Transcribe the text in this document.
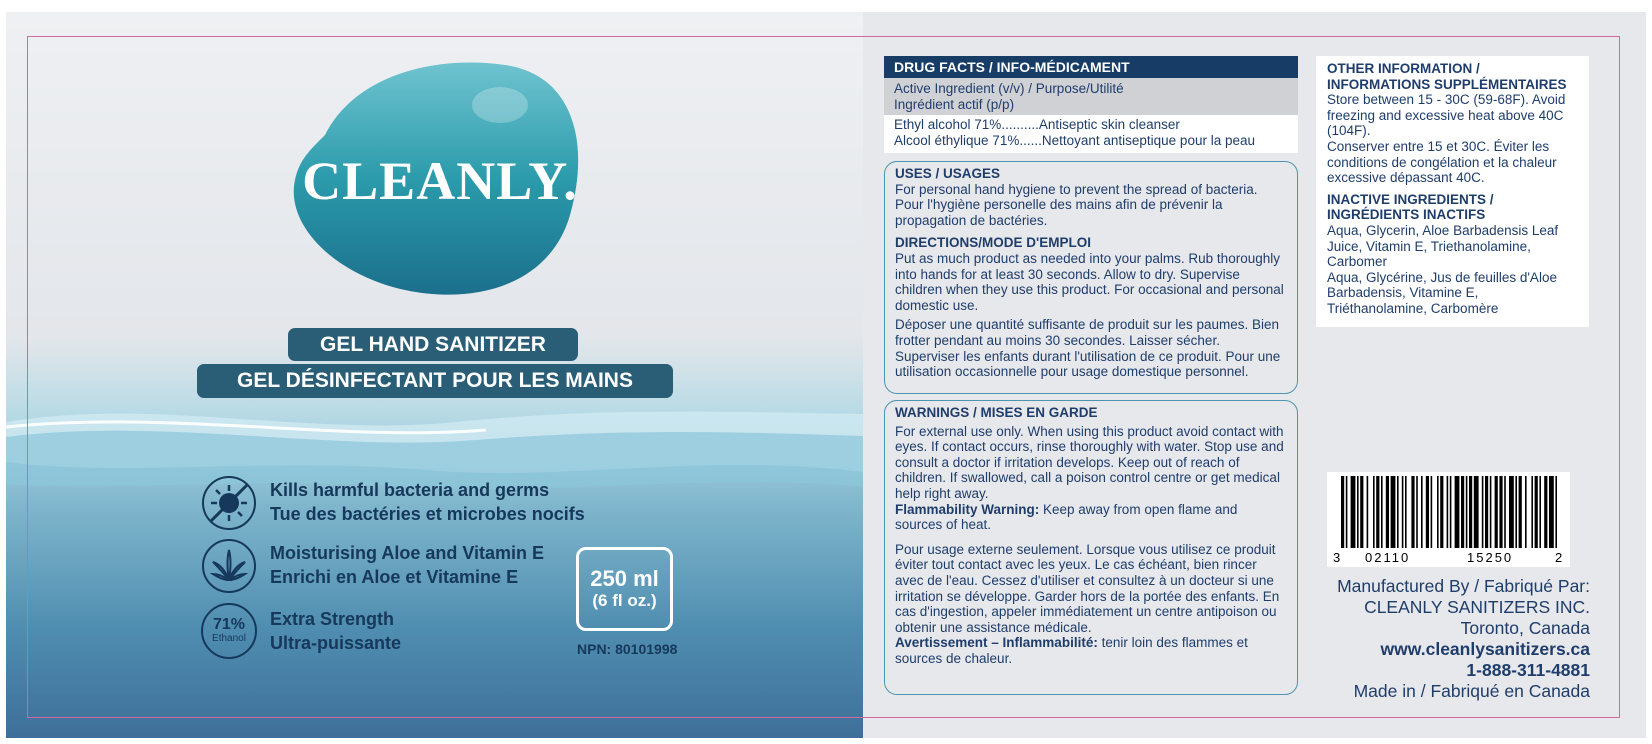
CLEANLY.
GEL HAND SANITIZER
GEL DÉSINFECTANT POUR LES MAINS
Kills harmful bacteria and germs
Tue des bactéries et microbes nocifs
Moisturising Aloe and Vitamin E
Enrichi en Aloe et Vitamine E
71%
Ethanol
Extra Strength
Ultra-puissante
250 ml
(6 fl oz.)
NPN: 80101998
DRUG FACTS / INFO-MÉDICAMENT
Active Ingredient (v/v) / Purpose/Utilité
Ingrédient actif (p/p)
Ethyl alcohol 71%..........Antiseptic skin cleanser
Alcool éthylique 71%......Nettoyant antiseptique pour la peau
USES / USAGES

For personal hand hygiene to prevent the spread of bacteria.

Pour l'hygiène personelle des mains afin de prévenir la propagation de bactéries.

DIRECTIONS/MODE D'EMPLOI

Put as much product as needed into your palms. Rub thoroughly into hands for at least 30 seconds. Allow to dry. Supervise children when they use this product. For occasional and personal domestic use.

Déposer une quantité suffisante de produit sur les paumes. Bien frotter pendant au moins 30 secondes. Laisser sécher. Superviser les enfants durant l'utilisation de ce produit. Pour une utilisation occasionnelle pour usage domestique personnel.

WARNINGS / MISES EN GARDE

For external use only. When using this product avoid contact with eyes. If contact occurs, rinse thoroughly with water. Stop use and consult a doctor if irritation develops. Keep out of reach of children. If swallowed, call a poison control centre or get medical help right away.

Flammability Warning: Keep away from open flame and sources of heat.

Pour usage externe seulement. Lorsque vous utilisez ce produit éviter tout contact avec les yeux. Le cas échéant, bien rincer avec de l'eau. Cessez d'utiliser et consultez à un docteur si une irritation se développe. Garder hors de la portée des enfants. En cas d'ingestion, appeler immédiatement un centre antipoison ou obtenir une assistance médicale.

Avertissement – Inflammabilité: tenir loin des flammes et sources de chaleur.

OTHER INFORMATION /
INFORMATIONS SUPPLÉMENTAIRES

Store between 15 - 30C (59-68F). Avoid freezing and excessive heat above 40C (104F).

Conserver entre 15 et 30C. Éviter les conditions de congélation et la chaleur excessive dépassant 40C.

INACTIVE INGREDIENTS /
INGRÉDIENTS INACTIFS

Aqua, Glycerin, Aloe Barbadensis Leaf Juice, Vitamin E, Triethanolamine, Carbomer

Aqua, Glycérine, Jus de feuilles d'Aloe Barbadensis, Vitamine E, Triéthanolamine, Carbomère

3 02110	15250	2
Manufactured By / Fabriqué Par:
CLEANLY SANITIZERS INC.
Toronto, Canada
www.cleanlysanitizers.ca
1-888-311-4881
Made in / Fabriqué en Canada
